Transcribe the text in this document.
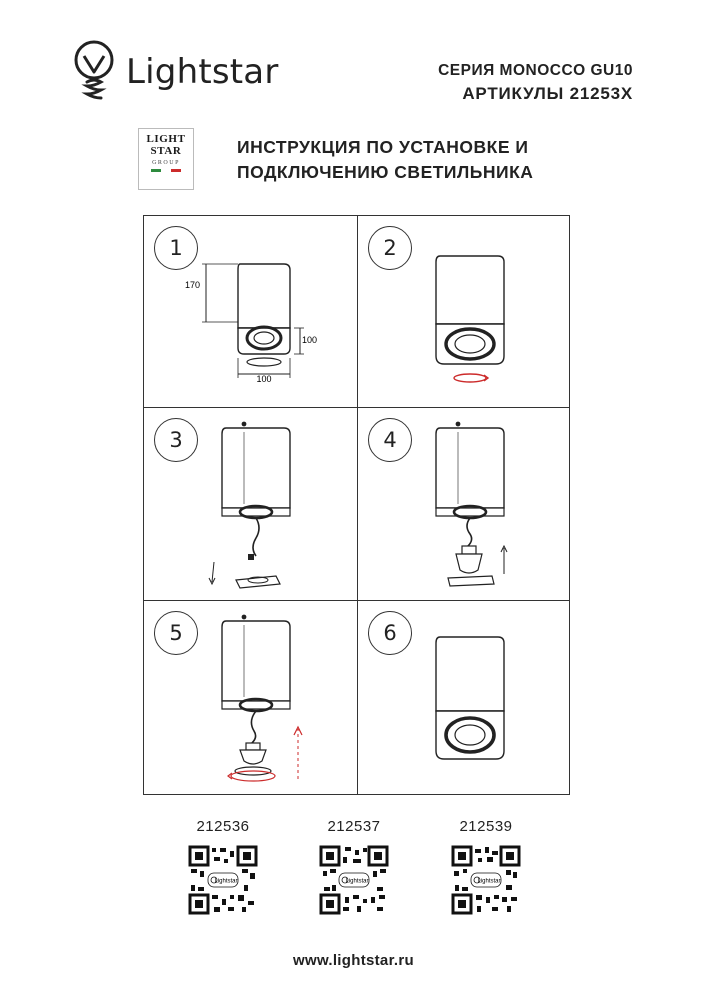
Lightstar	СЕРИЯ MONOCCO GU10
АРТИКУЛЫ 21253X
LIGHT
STAR
GROUP
ИНСТРУКЦИЯ ПО УСТАНОВКЕ И
ПОДКЛЮЧЕНИЮ СВЕТИЛЬНИКА
1
170
100
100
2
3	4
5	6
212536
Lightstar
212537
Lightstar
212539
Lightstar
www.lightstar.ru
